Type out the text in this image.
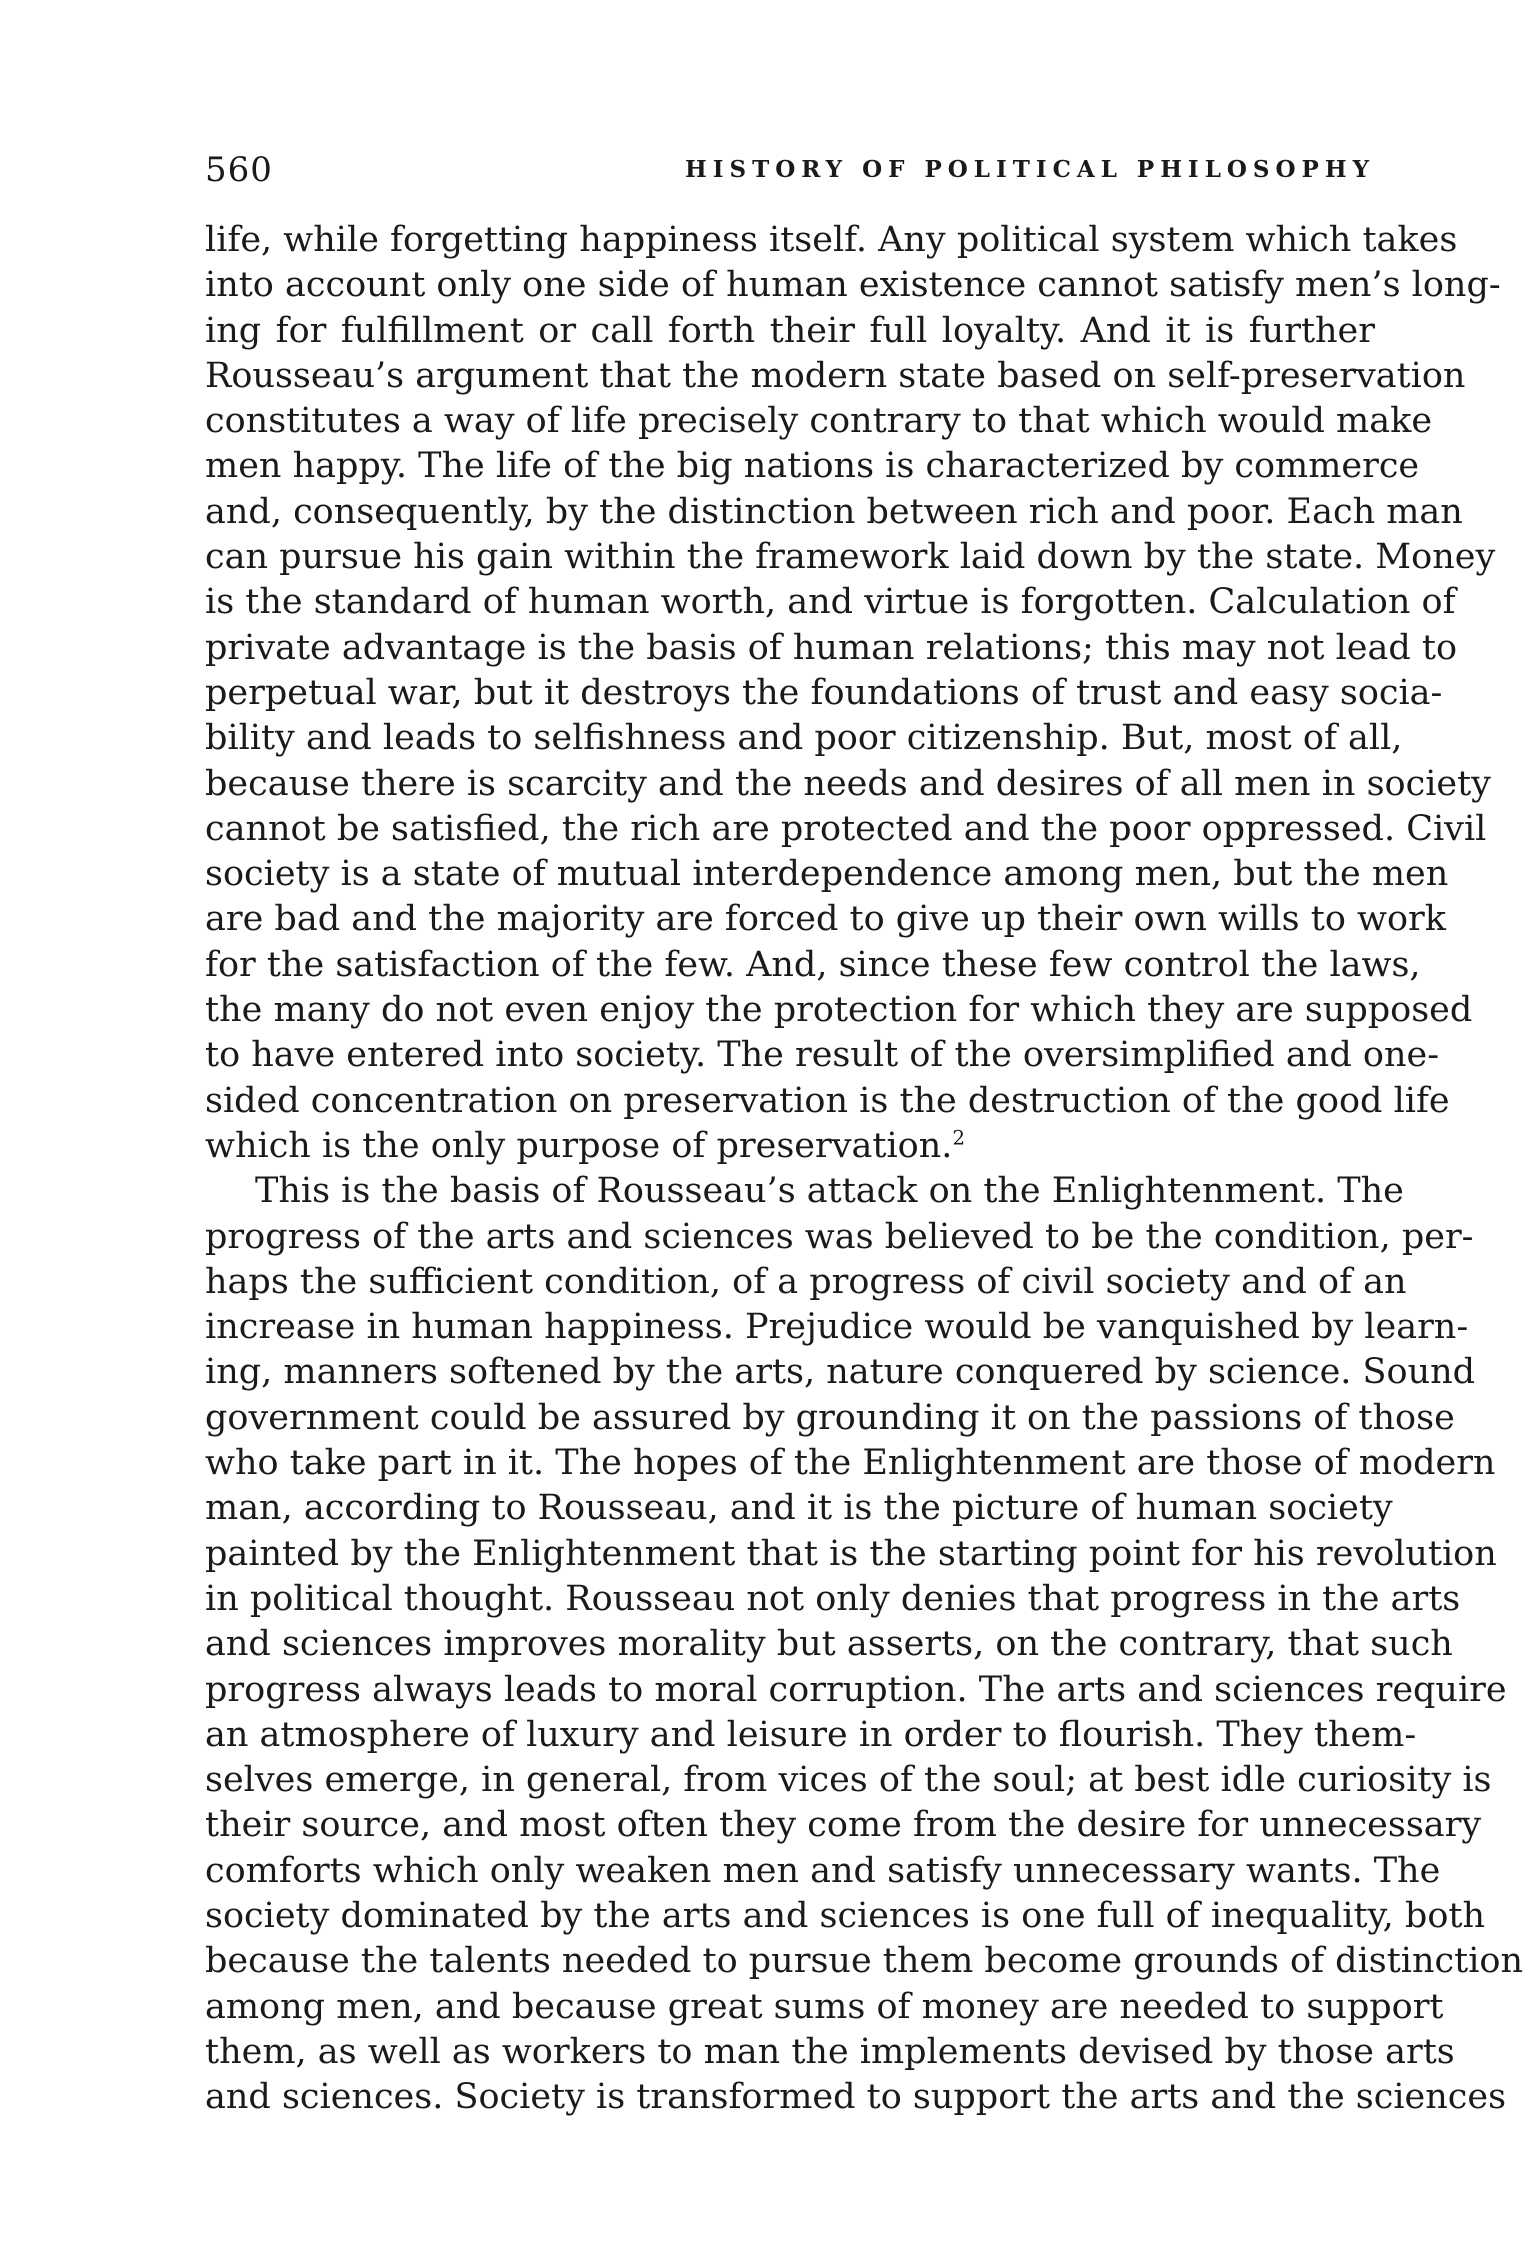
560	HISTORY OF POLITICAL PHILOSOPHY
life, while forgetting happiness itself. Any political system which takes
into account only one side of human existence cannot satisfy men’s long-
ing for fulfillment or call forth their full loyalty. And it is further
Rousseau’s argument that the modern state based on self-preservation
constitutes a way of life precisely contrary to that which would make
men happy. The life of the big nations is characterized by commerce
and, consequently, by the distinction between rich and poor. Each man
can pursue his gain within the framework laid down by the state. Money
is the standard of human worth, and virtue is forgotten. Calculation of
private advantage is the basis of human relations; this may not lead to
perpetual war, but it destroys the foundations of trust and easy socia-
bility and leads to selfishness and poor citizenship. But, most of all,
because there is scarcity and the needs and desires of all men in society
cannot be satisfied, the rich are protected and the poor oppressed. Civil
society is a state of mutual interdependence among men, but the men
are bad and the majority are forced to give up their own wills to work
for the satisfaction of the few. And, since these few control the laws,
the many do not even enjoy the protection for which they are supposed
to have entered into society. The result of the oversimplified and one-
sided concentration on preservation is the destruction of the good life
which is the only purpose of preservation.$^2$
This is the basis of Rousseau’s attack on the Enlightenment. The
progress of the arts and sciences was believed to be the condition, per-
haps the sufficient condition, of a progress of civil society and of an
increase in human happiness. Prejudice would be vanquished by learn-
ing, manners softened by the arts, nature conquered by science. Sound
government could be assured by grounding it on the passions of those
who take part in it. The hopes of the Enlightenment are those of modern
man, according to Rousseau, and it is the picture of human society
painted by the Enlightenment that is the starting point for his revolution
in political thought. Rousseau not only denies that progress in the arts
and sciences improves morality but asserts, on the contrary, that such
progress always leads to moral corruption. The arts and sciences require
an atmosphere of luxury and leisure in order to flourish. They them-
selves emerge, in general, from vices of the soul; at best idle curiosity is
their source, and most often they come from the desire for unnecessary
comforts which only weaken men and satisfy unnecessary wants. The
society dominated by the arts and sciences is one full of inequality, both
because the talents needed to pursue them become grounds of distinction
among men, and because great sums of money are needed to support
them, as well as workers to man the implements devised by those arts
and sciences. Society is transformed to support the arts and the sciences
